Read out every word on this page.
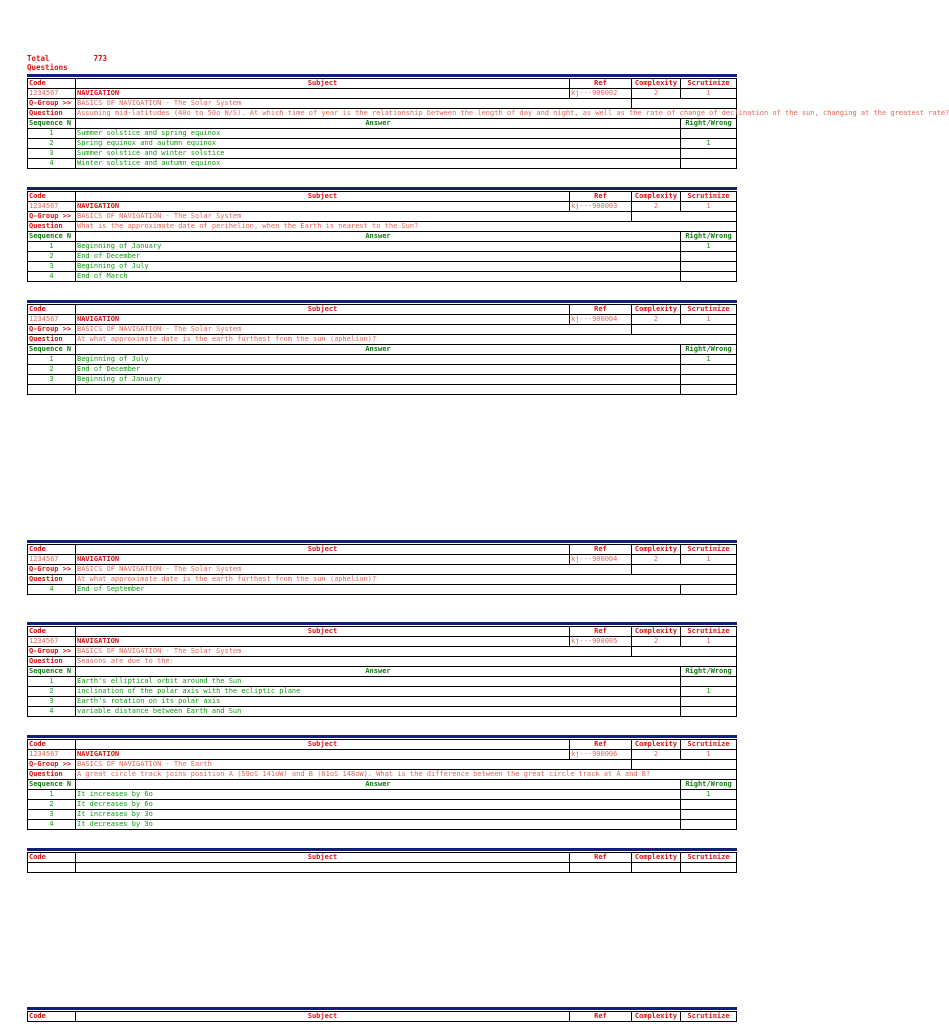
Total Questions 773
Code	Subject	Ref	Complexity	Scrutinize
1234567	NAVIGATION	kj---900002	2	1
Q-Group >>	BASICS OF NAVIGATION - The Solar System			
Question	Assuming mid-latitudes (40o to 50o N/S). At which time of year is the relationship between the length of day and night, as well as the rate of change of declination of the sun, changing at the greatest rate?			
Sequence N	Answer			Right/Wrong
1	Summer solstice and spring equinox			
2	Spring equinox and autumn equinox			1
3	Summer solstice and winter solstice			
4	Winter solstice and autumn equinox			
Code	Subject	Ref	Complexity	Scrutinize
1234567	NAVIGATION	kj---900003	2	1
Q-Group >>	BASICS OF NAVIGATION - The Solar System			
Question	What is the approximate date of perihelion, when the Earth is nearest to the Sun?			
Sequence N	Answer			Right/Wrong
1	Beginning of January			1
2	End of December			
3	Beginning of July			
4	End of March			
Code	Subject	Ref	Complexity	Scrutinize
1234567	NAVIGATION	kj---900004	2	1
Q-Group >>	BASICS OF NAVIGATION - The Solar System			
Question	At what approximate date is the earth furthest from the sun (aphelion)?			
Sequence N	Answer			Right/Wrong
1	Beginning of July			1
2	End of December			
3	Beginning of January			

Code	Subject	Ref	Complexity	Scrutinize
1234567	NAVIGATION	kj---900004	2	1
Q-Group >>	BASICS OF NAVIGATION - The Solar System			
Question	At what approximate date is the earth furthest from the sun (aphelion)?			
4	End of September			
Code	Subject	Ref	Complexity	Scrutinize
1234567	NAVIGATION	kj---900005	2	1
Q-Group >>	BASICS OF NAVIGATION - The Solar System			
Question	Seasons are due to the:			
Sequence N	Answer			Right/Wrong
1	Earth's elliptical orbit around the Sun			
2	inclination of the polar axis with the ecliptic plane			1
3	Earth's rotation on its polar axis			
4	variable distance between Earth and Sun			
Code	Subject	Ref	Complexity	Scrutinize
1234567	NAVIGATION	kj---900006	2	1
Q-Group >>	BASICS OF NAVIGATION - The Earth			
Question	A great circle track joins position A (59oS 141oW) and B (61oS 148oW). What is the difference between the great circle track at A and B?			
Sequence N	Answer			Right/Wrong
1	It increases by 6o			1
2	It decreases by 6o			
3	It increases by 3o			
4	It decreases by 3o			
Code	Subject	Ref	Complexity	Scrutinize

Code	Subject	Ref	Complexity	Scrutinize
